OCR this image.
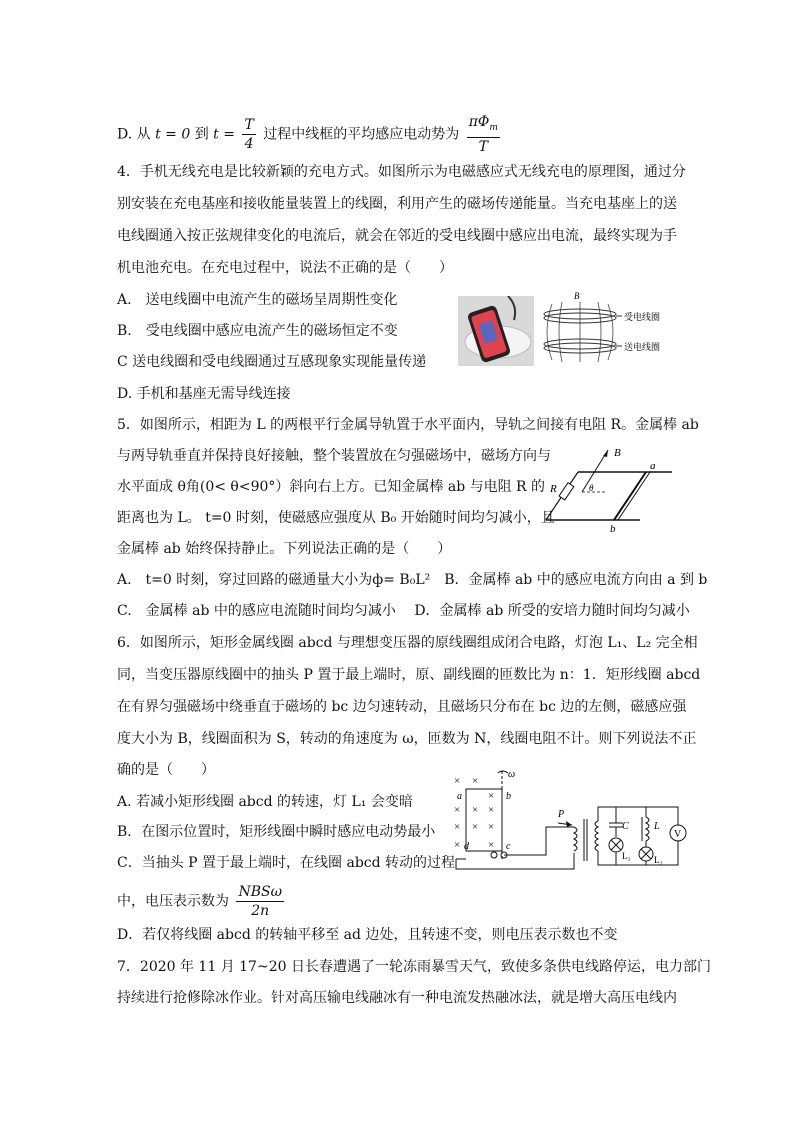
D. 从 t = 0 到 $t = \frac{T}{4}$ 过程中线框的平均感应电动势为 $\frac{\pi\Phi_m}{T}$
4．手机无线充电是比较新颖的充电方式。如图所示为电磁感应式无线充电的原理图，通过分
别安装在充电基座和接收能量装置上的线圈，利用产生的磁场传递能量。当充电基座上的送
电线圈通入按正弦规律变化的电流后，就会在邻近的受电线圈中感应出电流，最终实现为手
机电池充电。在充电过程中，说法不正确的是（　　）
A.　送电线圈中电流产生的磁场呈周期性变化
B.　受电线圈中感应电流产生的磁场恒定不变
C 送电线圈和受电线圈通过互感现象实现能量传递
D. 手机和基座无需导线连接
B
受电线圈
送电线圈
5．如图所示，相距为 L 的两根平行金属导轨置于水平面内，导轨之间接有电阻 R。金属棒 ab
与两导轨垂直并保持良好接触，整个装置放在匀强磁场中，磁场方向与
水平面成 θ角(0< θ<90°）斜向右上方。已知金属棒 ab 与电阻 R 的
距离也为 L。 t=0 时刻，使磁感应强度从 B₀ 开始随时间均匀减小，且
金属棒 ab 始终保持静止。下列说法正确的是（　　）
A.　t=0 时刻，穿过回路的磁通量大小为ф= B₀L²　B．金属棒 ab 中的感应电流方向由 a 到 b
C.　金属棒 ab 中的感应电流随时间均匀减小　 D．金属棒 ab 所受的安培力随时间均匀减小
B
a
b
R	θ
6．如图所示，矩形金属线圈 abcd 与理想变压器的原线圈组成闭合电路，灯泡 L₁、L₂ 完全相
同，当变压器原线圈中的抽头 P 置于最上端时，原、副线圈的匝数比为 n：1．矩形线圈 abcd
在有界匀强磁场中绕垂直于磁场的 bc 边匀速转动，且磁场只分布在 bc 边的左侧，磁感应强
度大小为 B，线圈面积为 S，转动的角速度为 ω，匝数为 N，线圈电阻不计。则下列说法不正
确的是（　　）
A. 若减小矩形线圈 abcd 的转速，灯 L₁ 会变暗
B．在图示位置时，矩形线圈中瞬时感应电动势最小
C．当抽头 P 置于最上端时，在线圈 abcd 转动的过程
中，电压表示数为 $\frac{\text{NBSω}}{2n}$
D．若仅将线圈 abcd 的转轴平移至 ad 边处，且转速不变，则电压表示数也不变
× ×
×
×
×
×
×
×
×
×
×
ω
a	b
d	c
P
C
L₁
L
L₂
V
7．2020 年 11 月 17~20 日长春遭遇了一轮冻雨暴雪天气，致使多条供电线路停运，电力部门
持续进行抢修除冰作业。针对高压输电线融冰有一种电流发热融冰法，就是增大高压电线内
